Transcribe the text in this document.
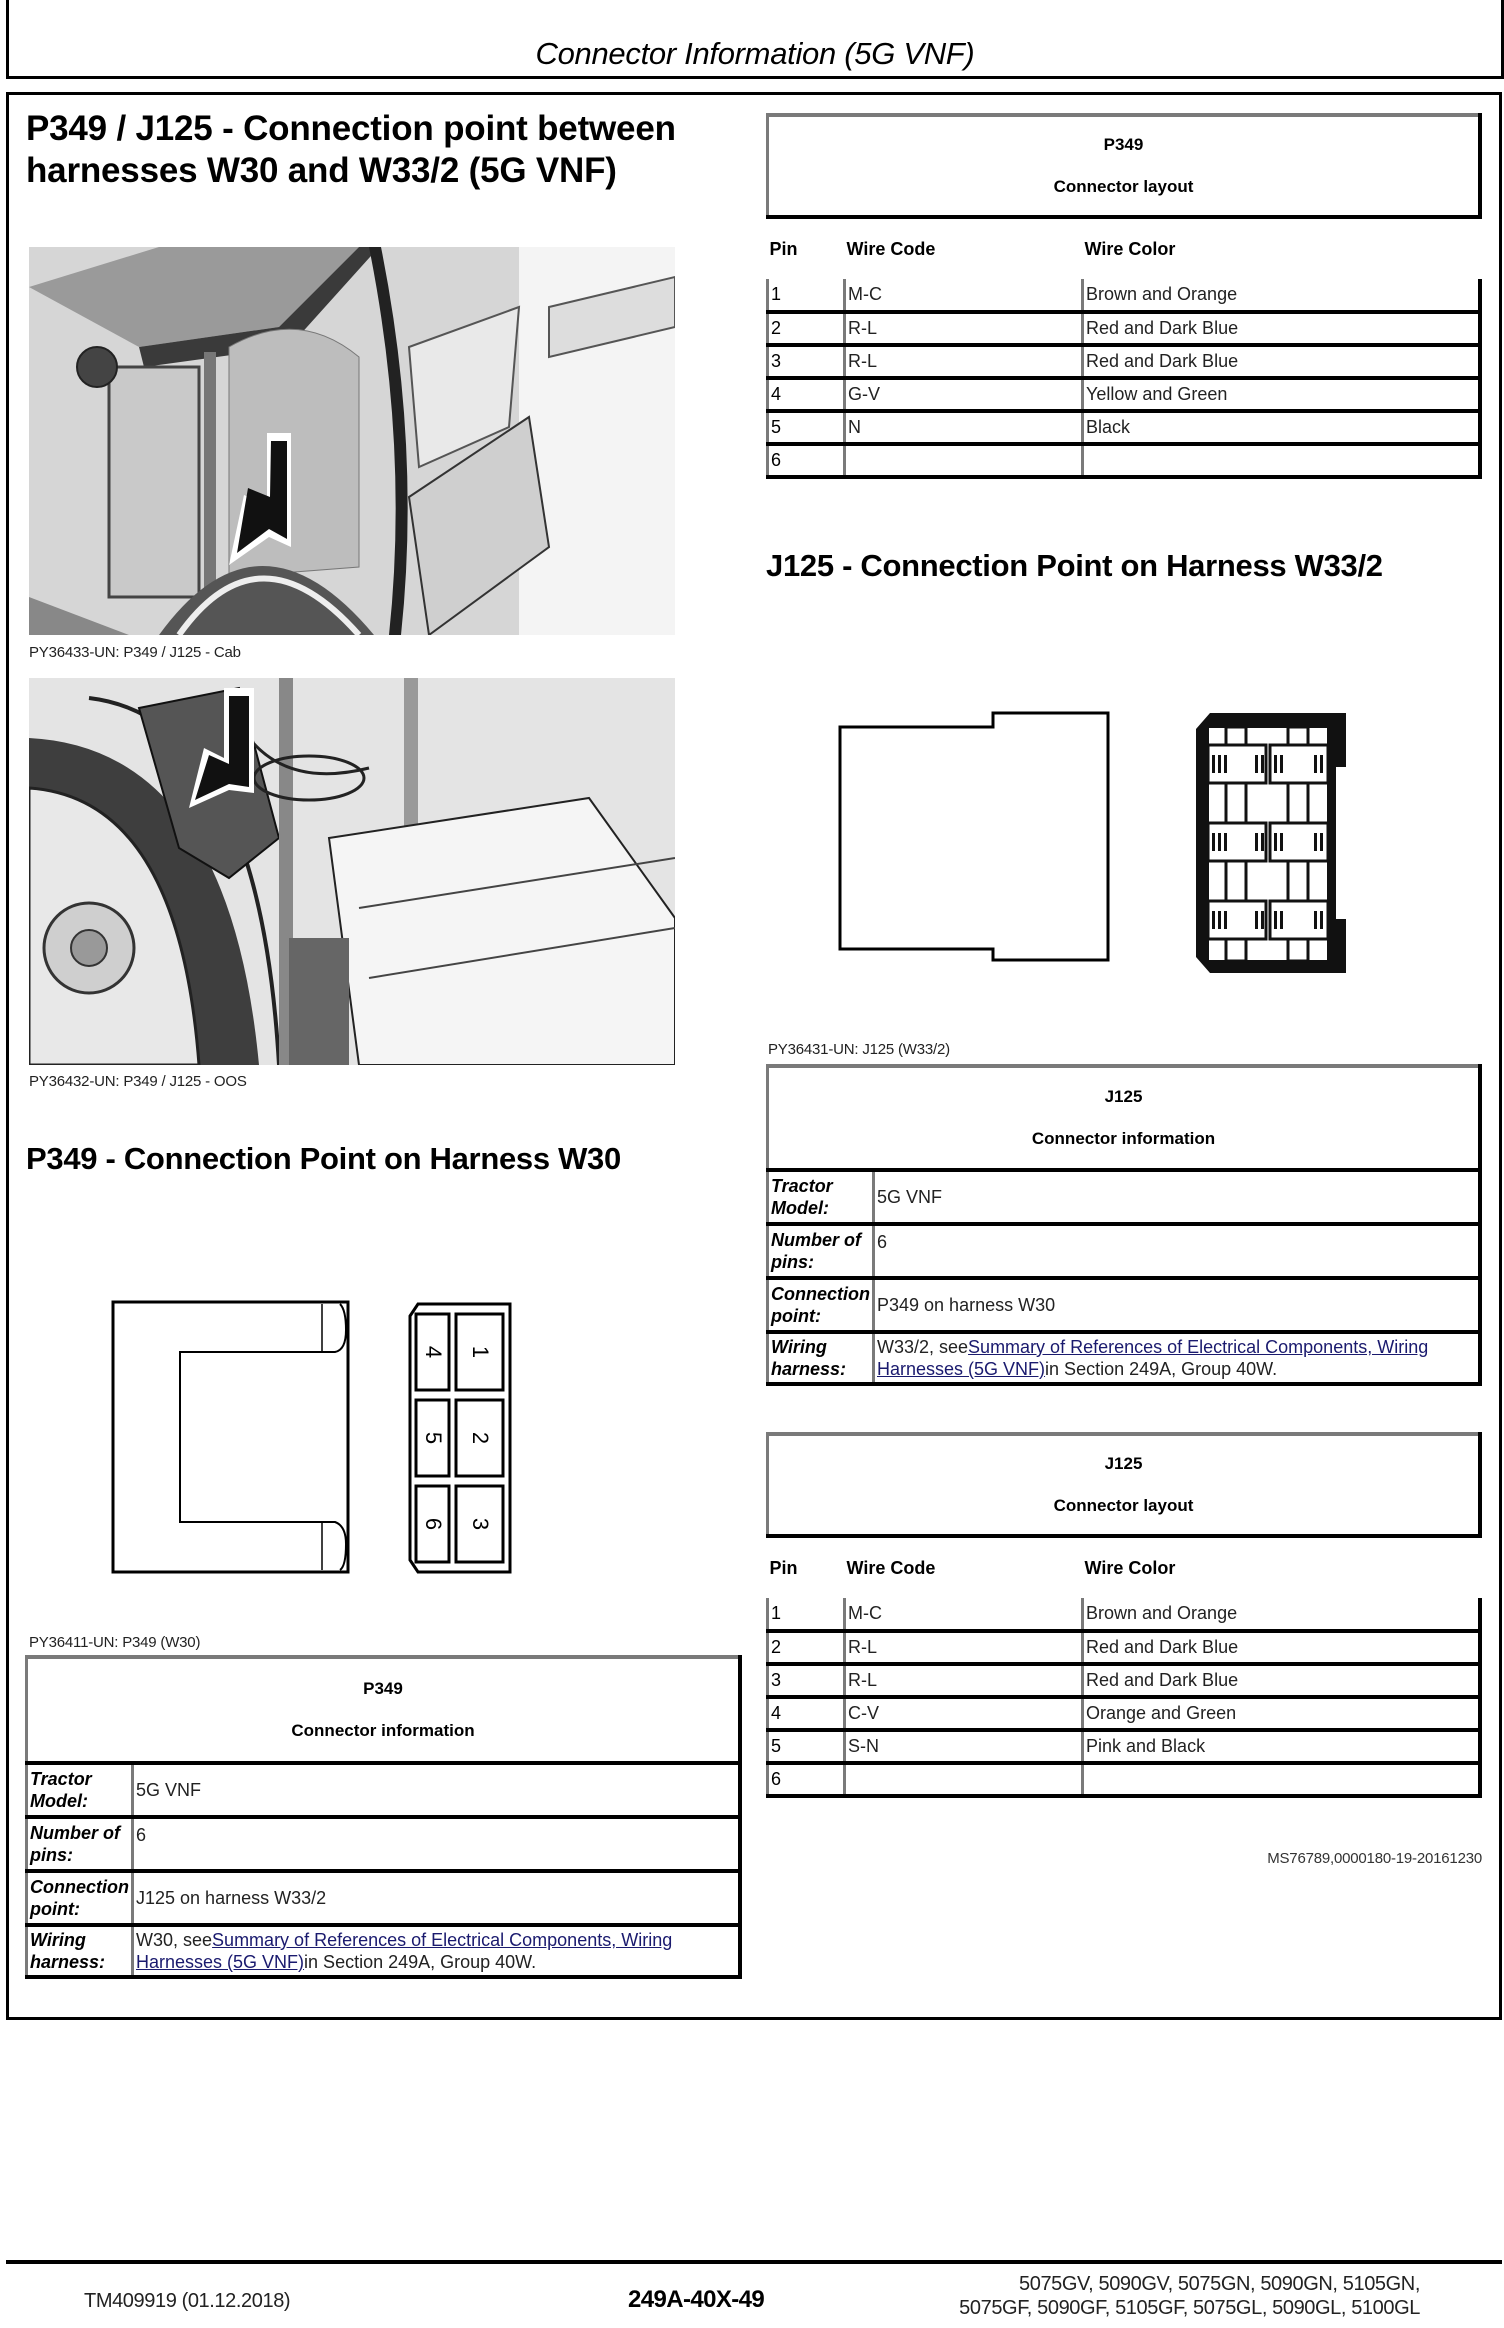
Connector Information (5G VNF)
P349 / J125 - Connection point between
harnesses W30 and W33/2 (5G VNF)
PY36433-UN: P349 / J125 - Cab
PY36432-UN: P349 / J125 - OOS
P349
Connector layout		

Pin	Wire Code	Wire Color
1	M-C	Brown and Orange
2	R-L	Red and Dark Blue
3	R-L	Red and Dark Blue
4	G-V	Yellow and Green
5	N	Black
6		
J125 - Connection Point on Harness W33/2
PY36431-UN: J125 (W33/2)
J125
Connector information	

Tractor Model:	5G VNF
Number of pins:	6
Connection point:	P349 on harness W30
Wiring harness:	W33/2, seeSummary of References of Electrical Components, Wiring Harnesses (5G VNF)in Section 249A, Group 40W.
J125
Connector layout		

Pin	Wire Code	Wire Color
1	M-C	Brown and Orange
2	R-L	Red and Dark Blue
3	R-L	Red and Dark Blue
4	C-V	Orange and Green
5	S-N	Pink and Black
6		
MS76789,0000180-19-20161230
P349 - Connection Point on Harness W30
1
2
3
4
5
6
PY36411-UN: P349 (W30)
P349
Connector information	

Tractor Model:	5G VNF
Number of pins:	6
Connection point:	J125 on harness W33/2
Wiring harness:	W30, seeSummary of References of Electrical Components, Wiring Harnesses (5G VNF)in Section 249A, Group 40W.
TM409919 (01.12.2018)	249A-40X-49
5075GV, 5090GV, 5075GN, 5090GN, 5105GN,
5075GF, 5090GF, 5105GF, 5075GL, 5090GL, 5100GL
